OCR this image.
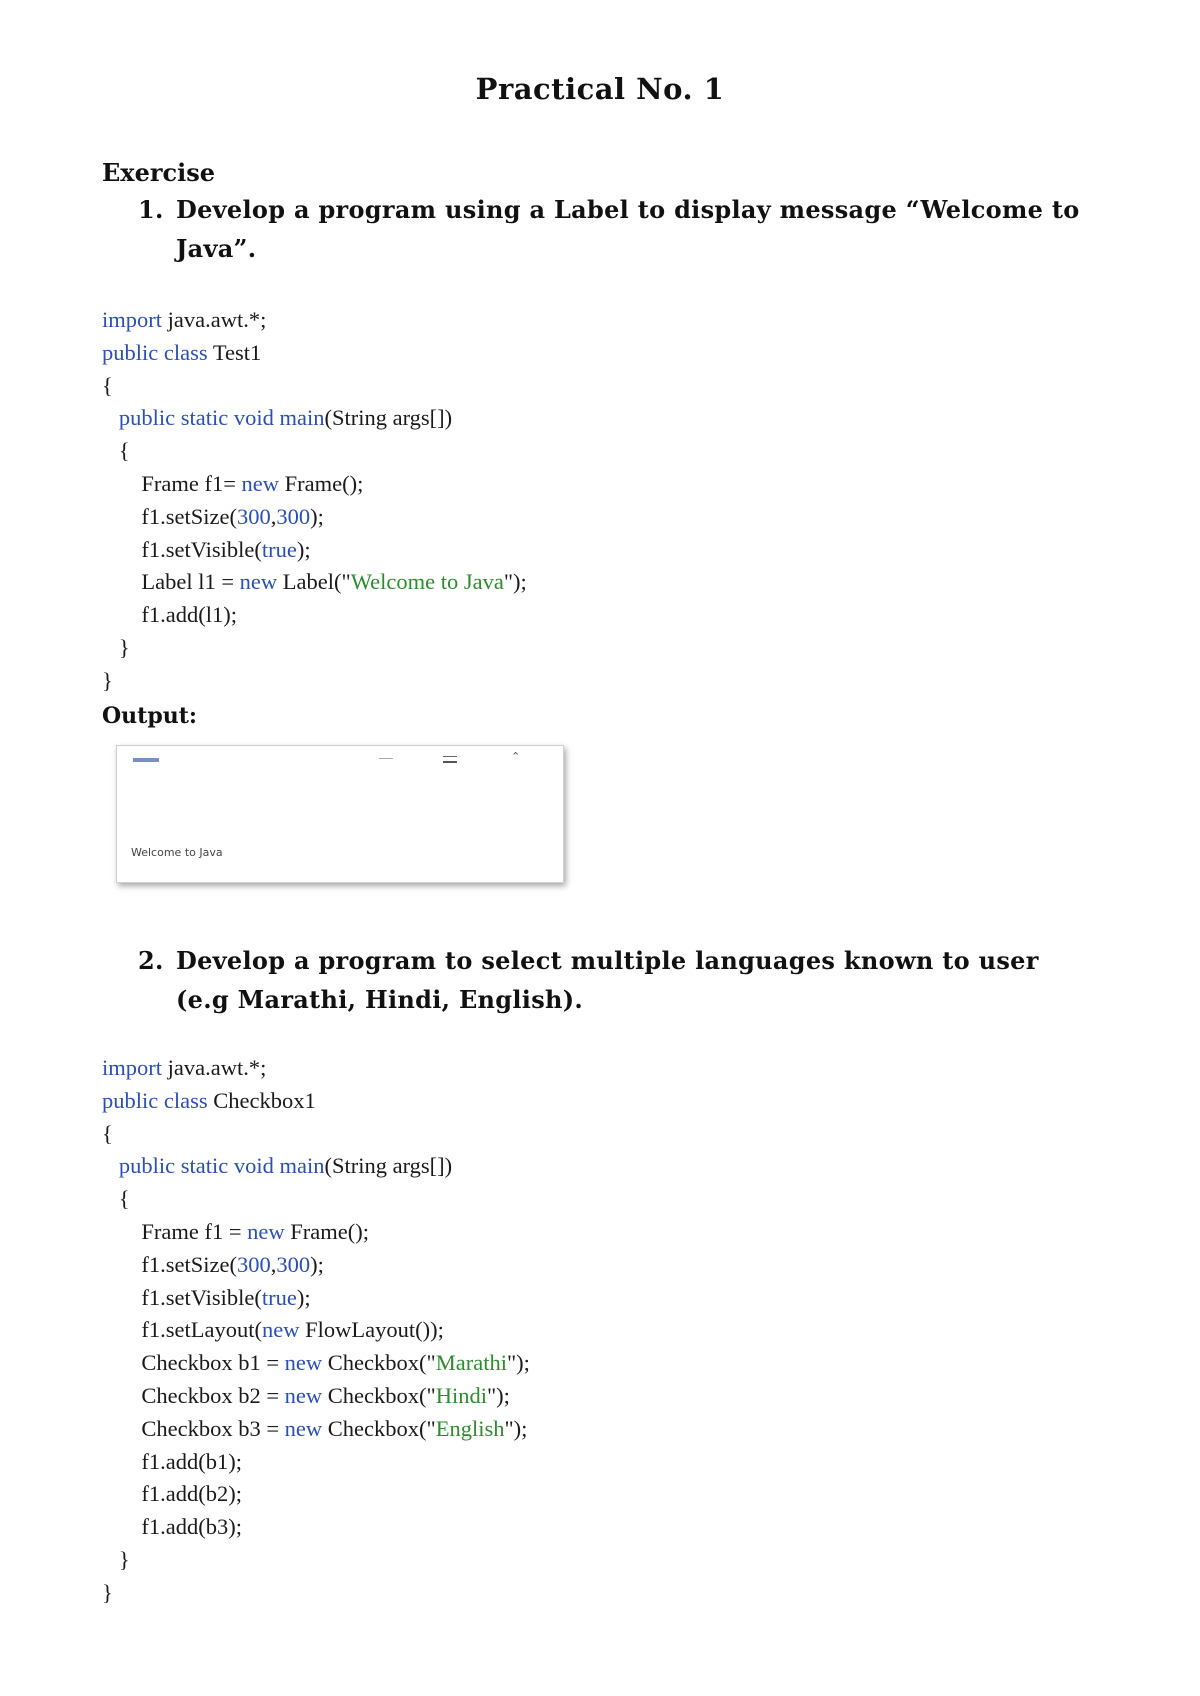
Practical No. 1
Exercise
1. Develop a program using a Label to display message “Welcome to Java”.
import java.awt.*;
public class Test1
{
public static void main(String args[])
{
Frame f1= new Frame();
f1.setSize(300,300);
f1.setVisible(true);
Label l1 = new Label("Welcome to Java");
f1.add(l1);
}
}
Output:
⌃
Welcome to Java
2. Develop a program to select multiple languages known to user (e.g Marathi, Hindi, English).
import java.awt.*;
public class Checkbox1
{
public static void main(String args[])
{
Frame f1 = new Frame();
f1.setSize(300,300);
f1.setVisible(true);
f1.setLayout(new FlowLayout());
Checkbox b1 = new Checkbox("Marathi");
Checkbox b2 = new Checkbox("Hindi");
Checkbox b3 = new Checkbox("English");
f1.add(b1);
f1.add(b2);
f1.add(b3);
}
}
